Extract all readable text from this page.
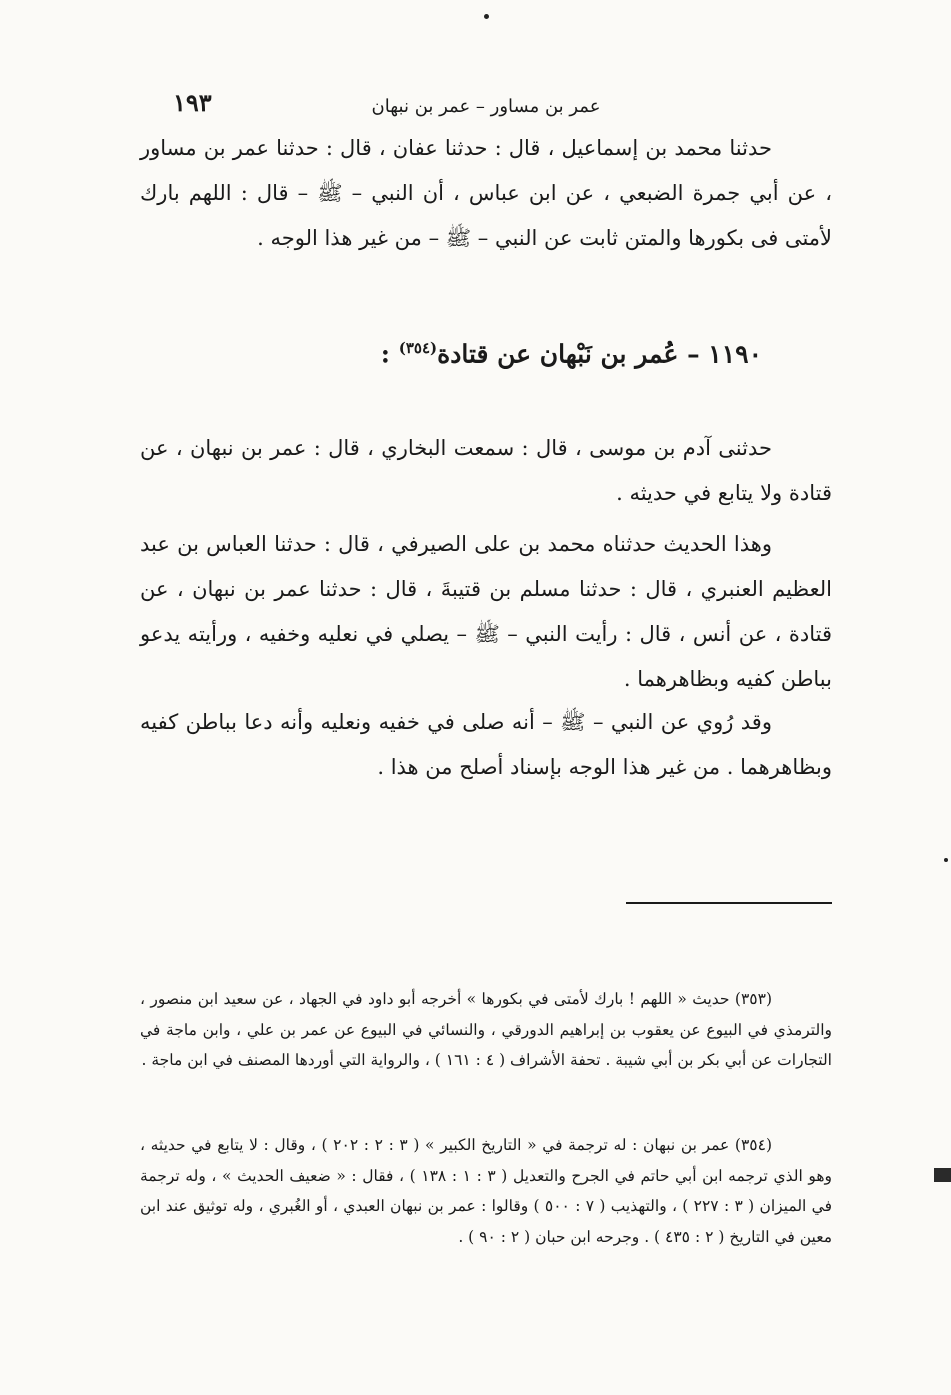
١٩٣	عمر بن مساور – عمر بن نبهان
حدثنا محمد بن إسماعيل ، قال : حدثنا عفان ، قال : حدثنا عمر بن مساور ، عن أبي جمرة الضبعي ، عن ابن عباس ، أن النبي – ﷺ – قال : اللهم بارك لأمتى فى بكورها والمتن ثابت عن النبي – ﷺ – من غير هذا الوجه .
١١٩٠ – عُمر بن نَبْهان عن قتادة$^{(٣٥٤)}$ :
حدثنى آدم بن موسى ، قال : سمعت البخاري ، قال : عمر بن نبهان ، عن قتادة ولا يتابع في حديثه .
وهذا الحديث حدثناه محمد بن على الصيرفي ، قال : حدثنا العباس بن عبد العظيم العنبري ، قال : حدثنا مسلم بن قتيبةَ ، قال : حدثنا عمر بن نبهان ، عن قتادة ، عن أنس ، قال : رأيت النبي – ﷺ – يصلي في نعليه وخفيه ، ورأيته يدعو بباطن كفيه وبظاهرهما .
وقد رُوي عن النبي – ﷺ – أنه صلى في خفيه ونعليه وأنه دعا بباطن كفيه وبظاهرهما . من غير هذا الوجه بإسناد أصلح من هذا .
(٣٥٣) حديث « اللهم ! بارك لأمتى في بكورها » أخرجه أبو داود في الجهاد ، عن سعيد ابن منصور ، والترمذي في البيوع عن يعقوب بن إبراهيم الدورقي ، والنسائي في البيوع عن عمر بن علي ، وابن ماجة في التجارات عن أبي بكر بن أبي شيبة . تحفة الأشراف ( ٤ : ١٦١ ) ، والرواية التي أوردها المصنف في ابن ماجة .
(٣٥٤) عمر بن نبهان : له ترجمة في « التاريخ الكبير » ( ٣ : ٢ : ٢٠٢ ) ، وقال : لا يتابع في حديثه ، وهو الذي ترجمه ابن أبي حاتم في الجرح والتعديل ( ٣ : ١ : ١٣٨ ) ، فقال : « ضعيف الحديث » ، وله ترجمة في الميزان ( ٣ : ٢٢٧ ) ، والتهذيب ( ٧ : ٥٠٠ ) وقالوا : عمر بن نبهان العبدي ، أو الغُبري ، وله توثيق عند ابن معين في التاريخ ( ٢ : ٤٣٥ ) . وجرحه ابن حبان ( ٢ : ٩٠ ) .
